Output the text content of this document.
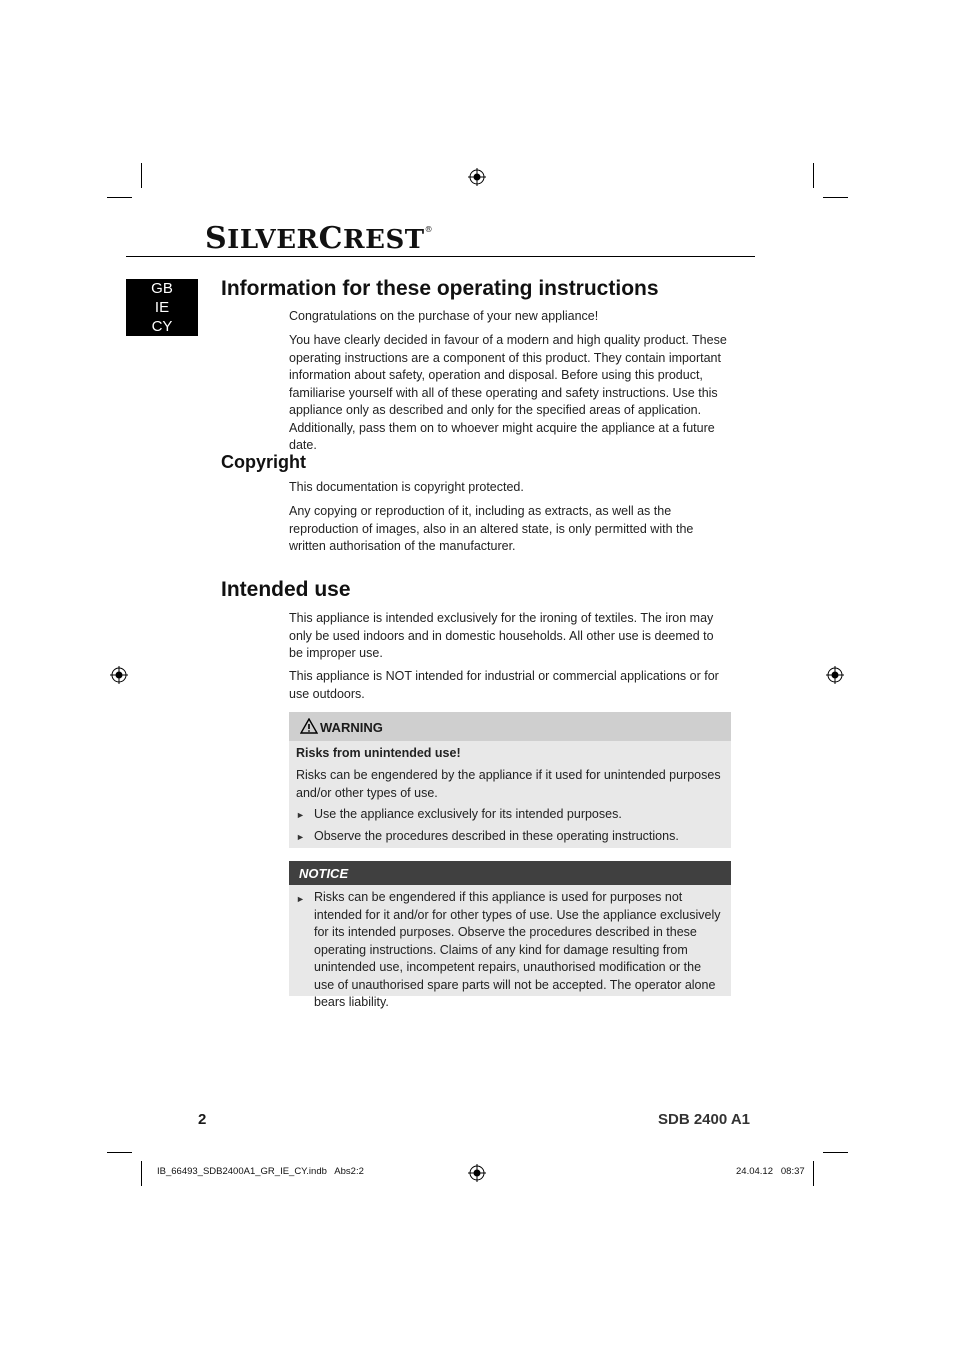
SILVERCREST®
GB
IE
CY
Information for these operating instructions
Congratulations on the purchase of your new appliance!
You have clearly decided in favour of a modern and high quality product. These operating instructions are a component of this product. They contain important information about safety, operation and disposal. Before using this product, familiarise yourself with all of these operating and safety instructions. Use this appliance only as described and only for the specified areas of application. Additionally, pass them on to whoever might acquire the appliance at a future date.
Copyright
This documentation is copyright protected.
Any copying or reproduction of it, including as extracts, as well as the reproduction of images, also in an altered state, is only permitted with the written authorisation of the manufacturer.
Intended use
This appliance is intended exclusively for the ironing of textiles. The iron may only be used indoors and in domestic households. All other use is deemed to be improper use.
This appliance is NOT intended for industrial or commercial applications or for use outdoors.
WARNING
Risks from unintended use!
Risks can be engendered by the appliance if it used for unintended purposes and/or other types of use.
► Use the appliance exclusively for its intended purposes.
► Observe the procedures described in these operating instructions.
NOTICE
► Risks can be engendered if this appliance is used for purposes not intended for it and/or for other types of use. Use the appliance exclusively for its intended purposes. Observe the procedures described in these operating instructions. Claims of any kind for damage resulting from unintended use, incompetent repairs, unauthorised modification or the use of unauthorised spare parts will not be accepted. The operator alone bears liability.
2	SDB 2400 A1
IB_66493_SDB2400A1_GR_IE_CY.indb   Abs2:2	24.04.12   08:37
